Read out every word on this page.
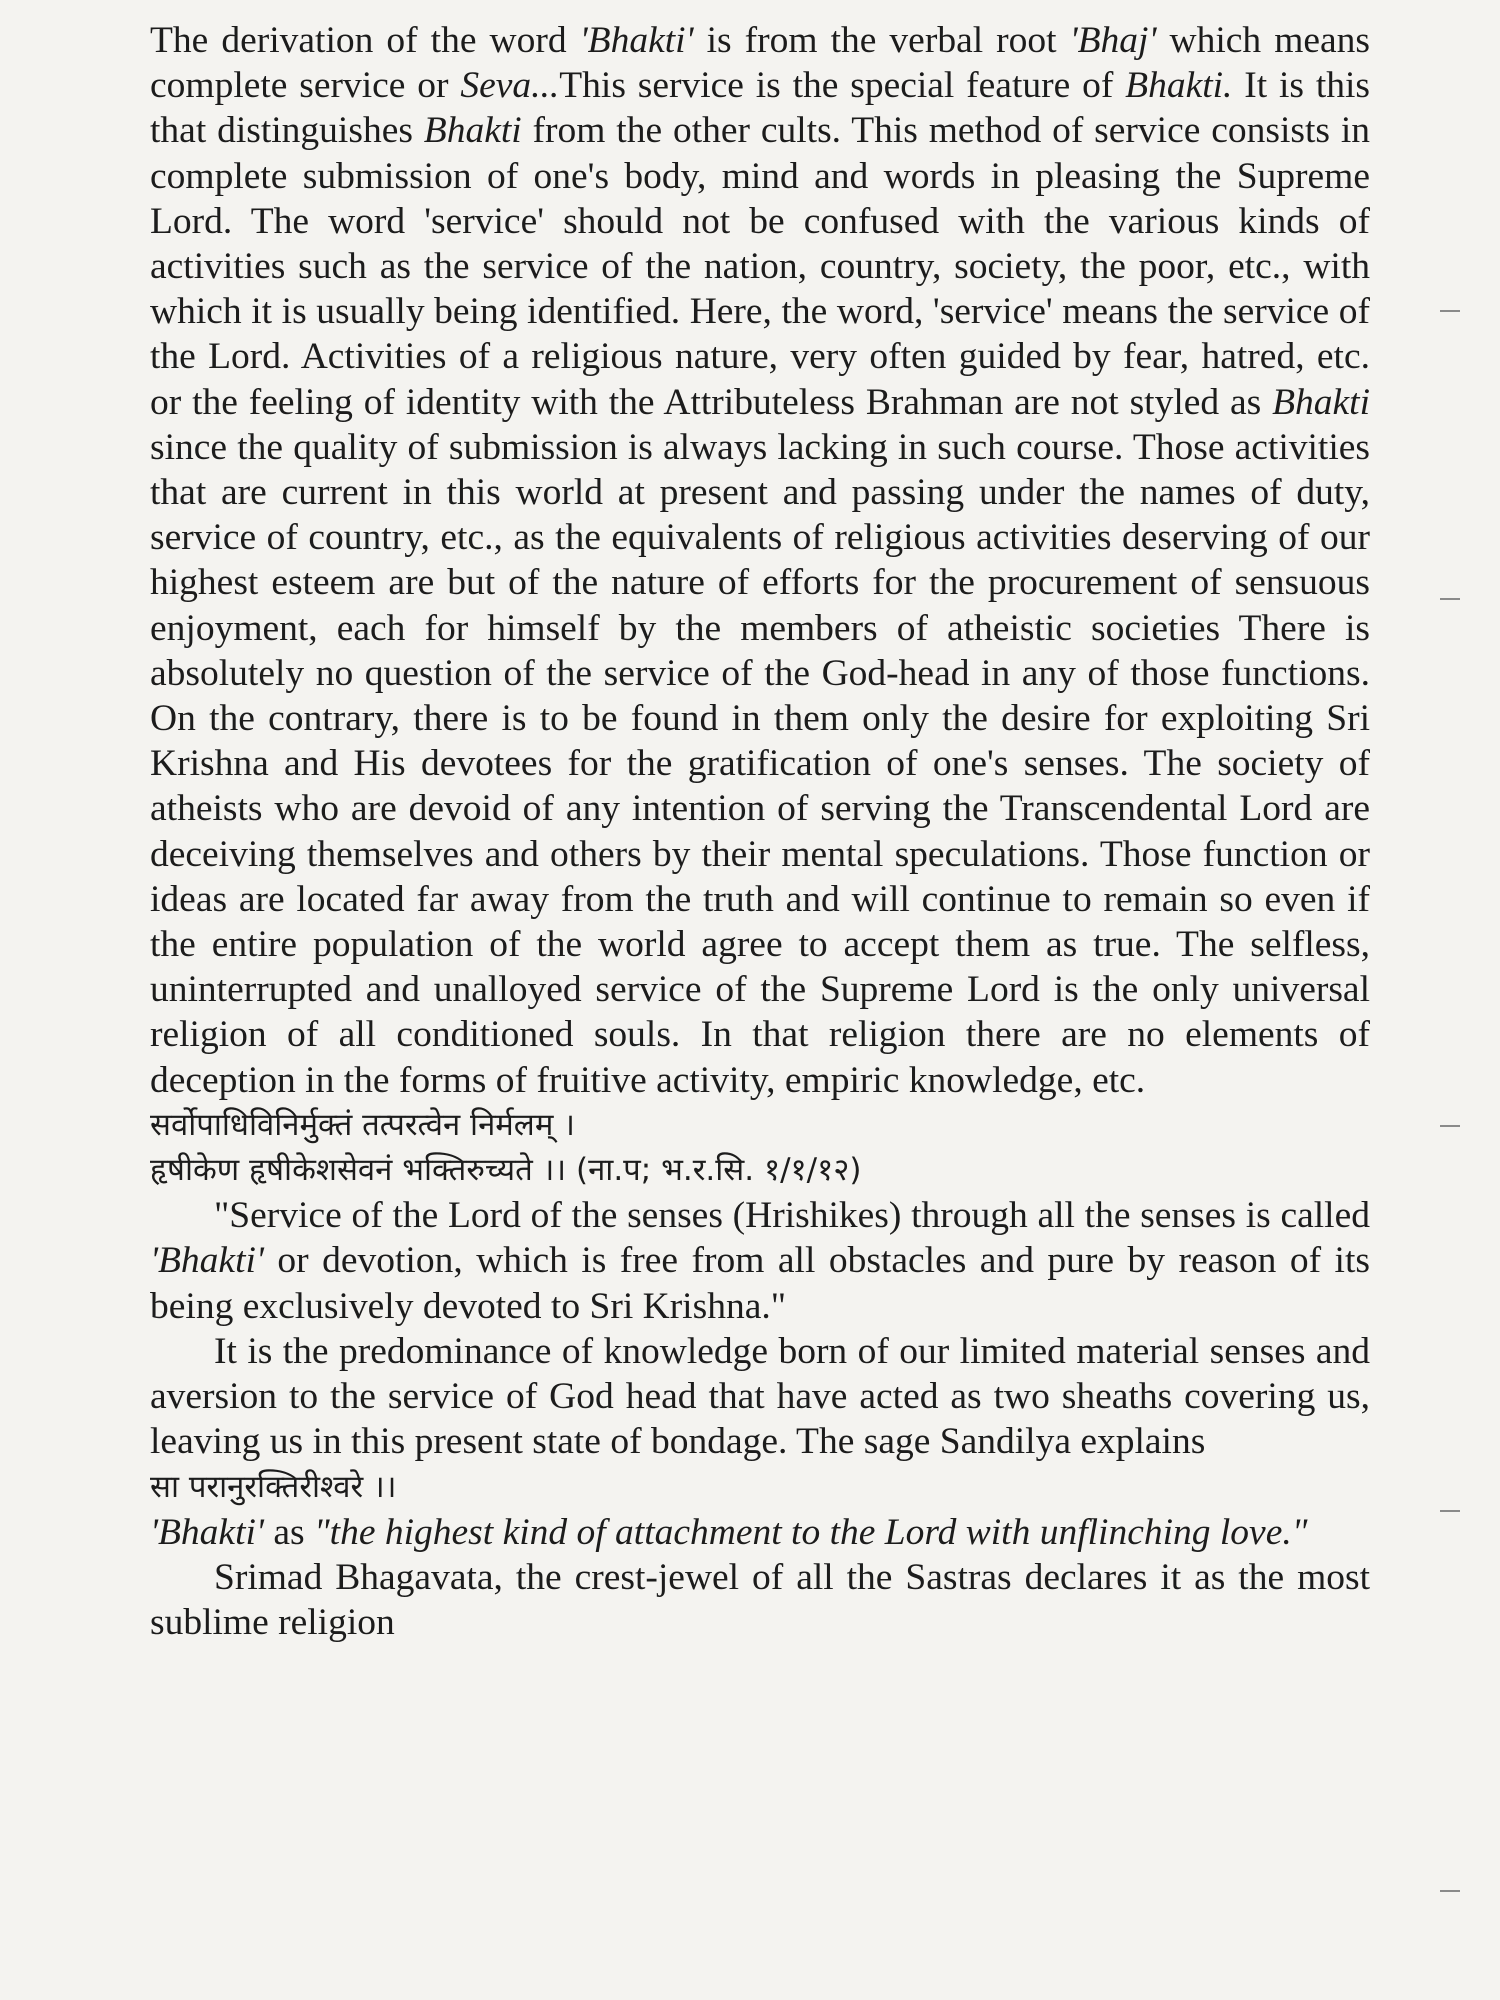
The derivation of the word 'Bhakti' is from the verbal root 'Bhaj' which means complete service or Seva...This service is the special feature of Bhakti. It is this that distinguishes Bhakti from the other cults. This method of service consists in complete submission of one's body, mind and words in pleasing the Supreme Lord. The word 'service' should not be confused with the various kinds of activities such as the service of the nation, country, society, the poor, etc., with which it is usually being identified. Here, the word, 'service' means the service of the Lord. Activities of a religious nature, very often guided by fear, hatred, etc. or the feeling of identity with the Attributeless Brahman are not styled as Bhakti since the quality of submission is always lacking in such course. Those activities that are current in this world at present and passing under the names of duty, service of country, etc., as the equivalents of religious activities deserving of our highest esteem are but of the nature of efforts for the procurement of sensuous enjoyment, each for himself by the members of atheistic societies There is absolutely no question of the service of the God-head in any of those functions. On the contrary, there is to be found in them only the desire for exploiting Sri Krishna and His devotees for the gratification of one's senses. The society of atheists who are devoid of any intention of serving the Transcendental Lord are deceiving themselves and others by their mental speculations. Those function or ideas are located far away from the truth and will continue to remain so even if the entire population of the world agree to accept them as true. The selfless, uninterrupted and unalloyed service of the Supreme Lord is the only universal religion of all conditioned souls. In that religion there are no elements of deception in the forms of fruitive activity, empiric knowledge, etc.

सर्वोपाधिविनिर्मुक्तं तत्परत्वेन निर्मलम् ।

हृषीकेण हृषीकेशसेवनं भक्तिरुच्यते ।। (ना.प; भ.र.सि. १/१/१२)

"Service of the Lord of the senses (Hrishikes) through all the senses is called 'Bhakti' or devotion, which is free from all obstacles and pure by reason of its being exclusively devoted to Sri Krishna."

It is the predominance of knowledge born of our limited material senses and aversion to the service of God head that have acted as two sheaths covering us, leaving us in this present state of bondage. The sage Sandilya explains

सा परानुरक्तिरीश्वरे ।।

'Bhakti' as "the highest kind of attachment to the Lord with unflinching love."

Srimad Bhagavata, the crest-jewel of all the Sastras declares it as the most sublime religion
